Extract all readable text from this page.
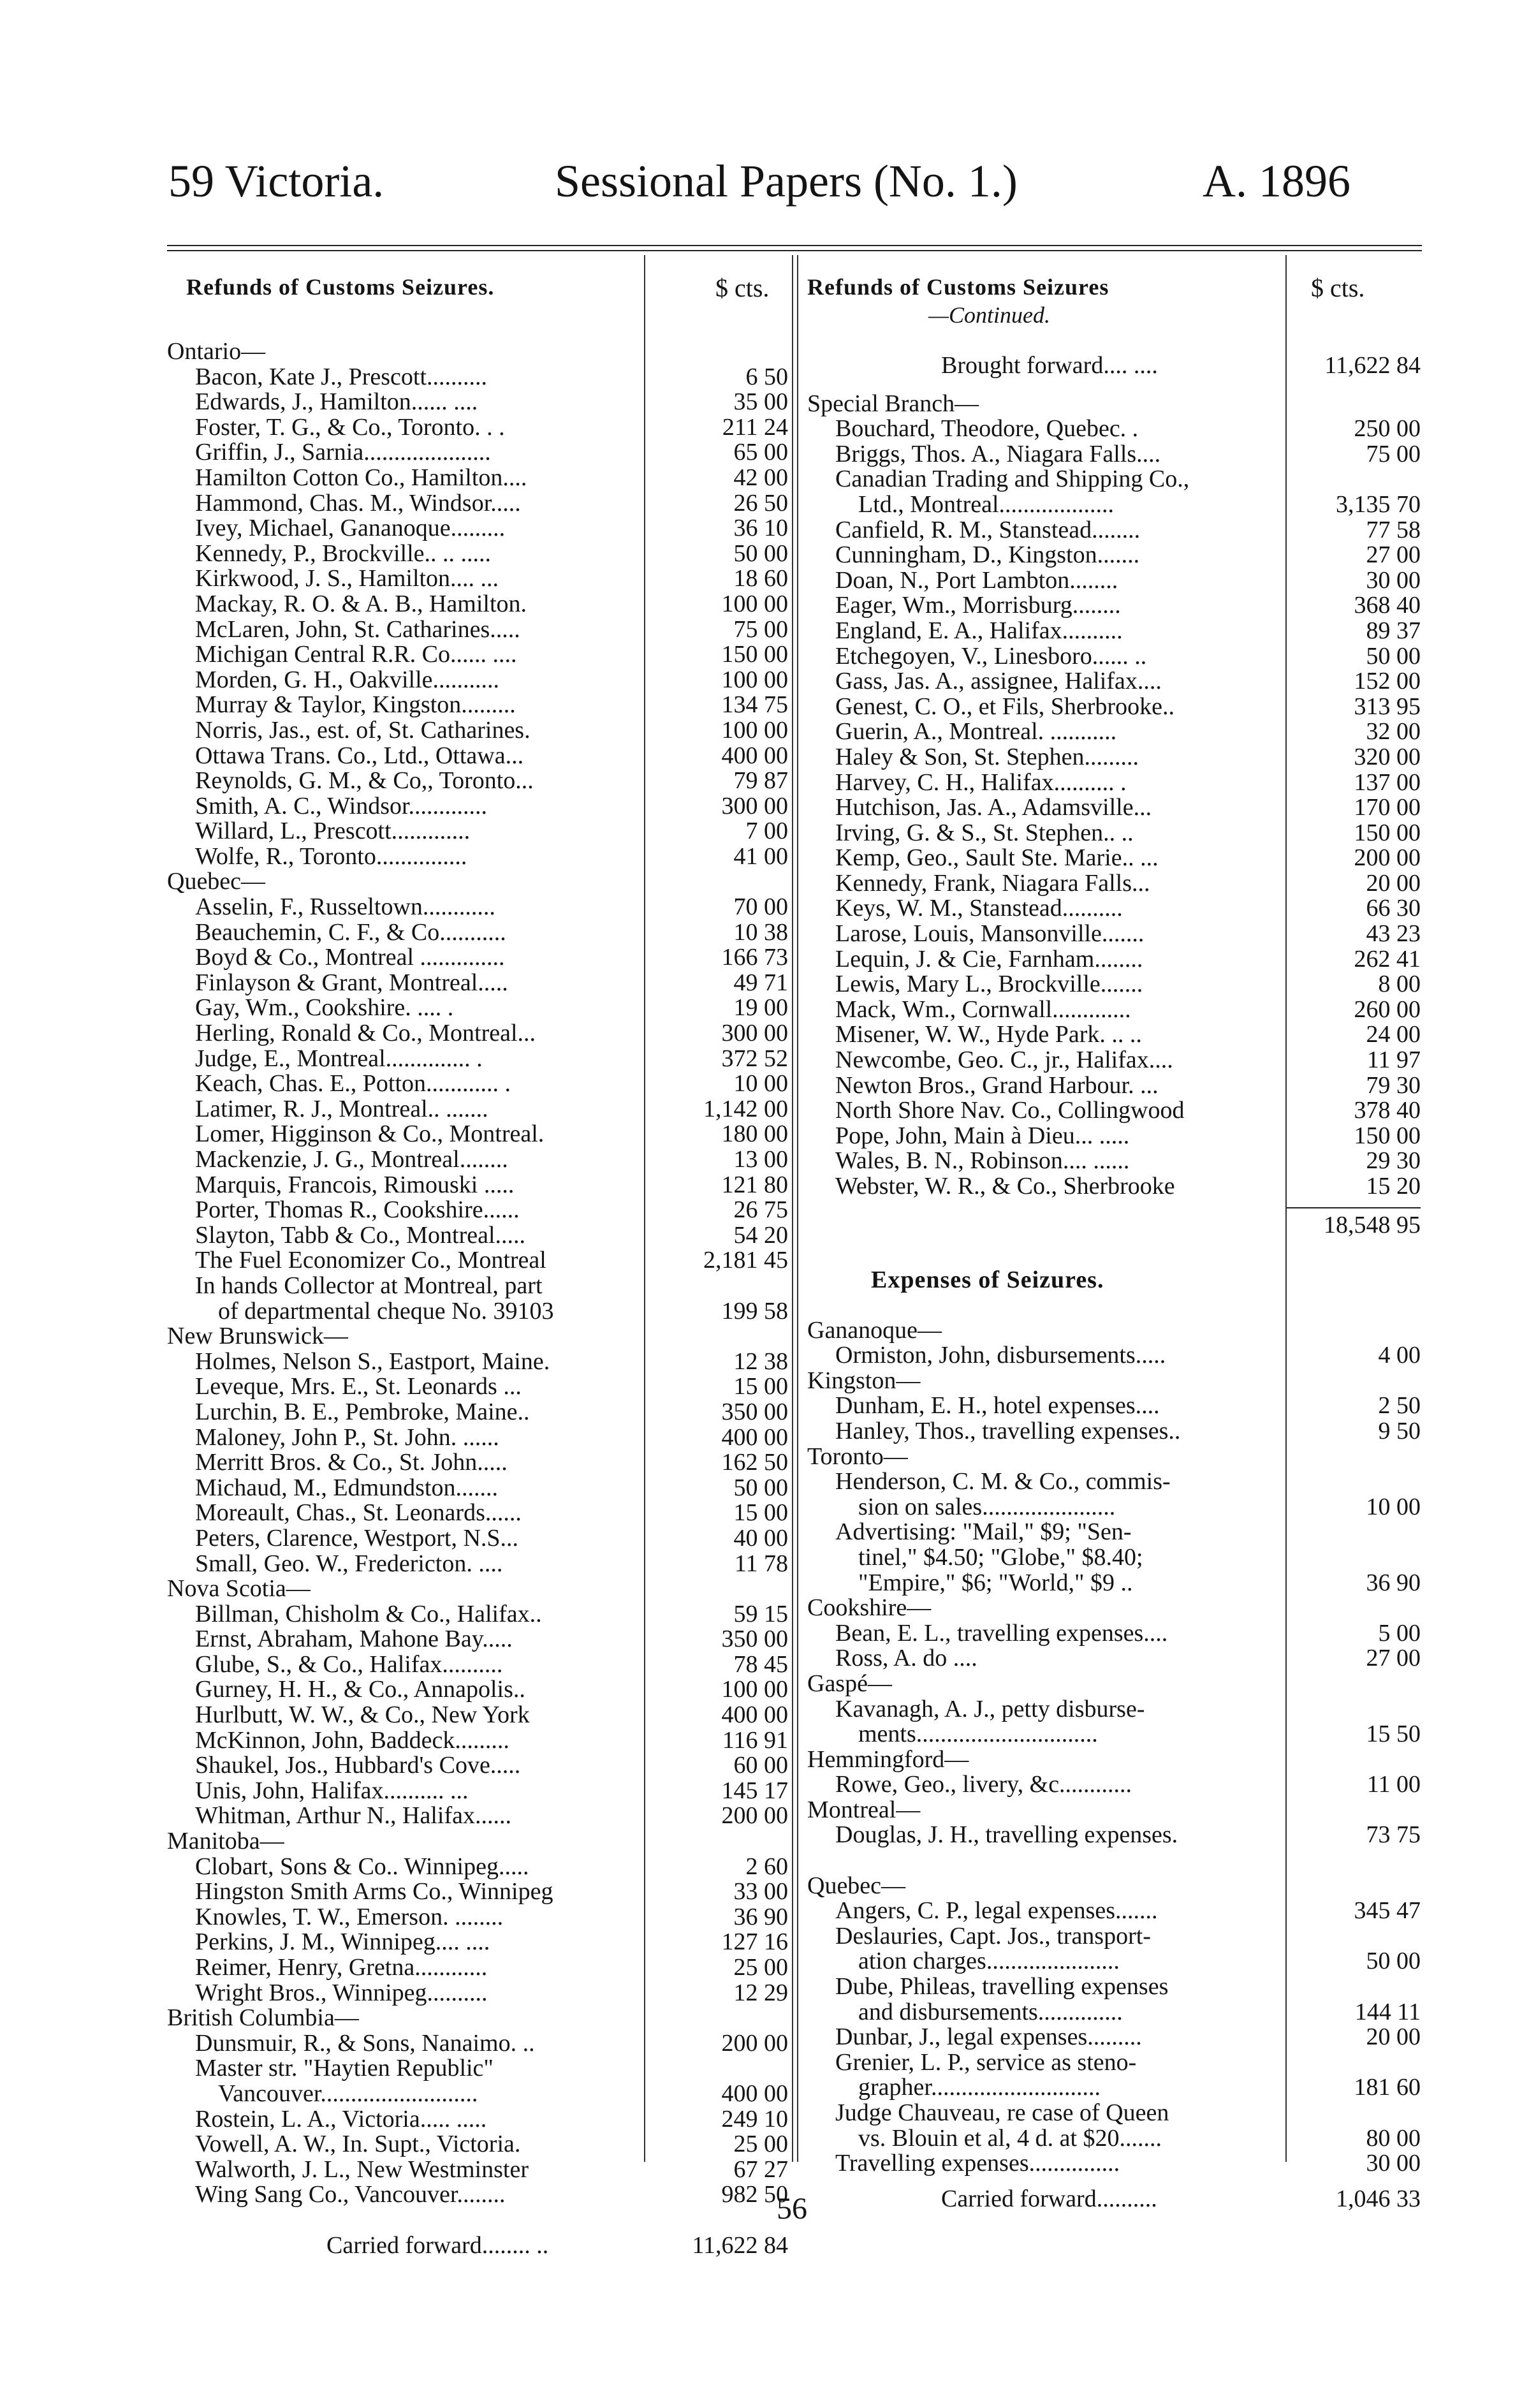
59 Victoria.	Sessional Papers (No. 1.)	A. 1896
Refunds of Customs Seizures.	$ cts.
Ontario—
Bacon, Kate J., Prescott..........	6 50
Edwards, J., Hamilton...... ....	35 00
Foster, T. G., & Co., Toronto. . .	211 24
Griffin, J., Sarnia.....................	65 00
Hamilton Cotton Co., Hamilton....	42 00
Hammond, Chas. M., Windsor.....	26 50
Ivey, Michael, Gananoque.........	36 10
Kennedy, P., Brockville.. .. .....	50 00
Kirkwood, J. S., Hamilton.... ...	18 60
Mackay, R. O. & A. B., Hamilton.	100 00
McLaren, John, St. Catharines.....	75 00
Michigan Central R.R. Co...... ....	150 00
Morden, G. H., Oakville...........	100 00
Murray & Taylor, Kingston.........	134 75
Norris, Jas., est. of, St. Catharines.	100 00
Ottawa Trans. Co., Ltd., Ottawa...	400 00
Reynolds, G. M., & Co,, Toronto...	79 87
Smith, A. C., Windsor.............	300 00
Willard, L., Prescott.............	7 00
Wolfe, R., Toronto...............	41 00
Quebec—
Asselin, F., Russeltown............	70 00
Beauchemin, C. F., & Co...........	10 38
Boyd & Co., Montreal ..............	166 73
Finlayson & Grant, Montreal.....	49 71
Gay, Wm., Cookshire. .... .	19 00
Herling, Ronald & Co., Montreal...	300 00
Judge, E., Montreal.............. .	372 52
Keach, Chas. E., Potton............ .	10 00
Latimer, R. J., Montreal.. .......	1,142 00
Lomer, Higginson & Co., Montreal.	180 00
Mackenzie, J. G., Montreal........	13 00
Marquis, Francois, Rimouski .....	121 80
Porter, Thomas R., Cookshire......	26 75
Slayton, Tabb & Co., Montreal.....	54 20
The Fuel Economizer Co., Montreal	2,181 45
In hands Collector at Montreal, part
of departmental cheque No. 39103	199 58
New Brunswick—
Holmes, Nelson S., Eastport, Maine.	12 38
Leveque, Mrs. E., St. Leonards ...	15 00
Lurchin, B. E., Pembroke, Maine..	350 00
Maloney, John P., St. John. ......	400 00
Merritt Bros. & Co., St. John.....	162 50
Michaud, M., Edmundston.......	50 00
Moreault, Chas., St. Leonards......	15 00
Peters, Clarence, Westport, N.S...	40 00
Small, Geo. W., Fredericton. ....	11 78
Nova Scotia—
Billman, Chisholm & Co., Halifax..	59 15
Ernst, Abraham, Mahone Bay.....	350 00
Glube, S., & Co., Halifax..........	78 45
Gurney, H. H., & Co., Annapolis..	100 00
Hurlbutt, W. W., & Co., New York	400 00
McKinnon, John, Baddeck.........	116 91
Shaukel, Jos., Hubbard's Cove.....	60 00
Unis, John, Halifax.......... ...	145 17
Whitman, Arthur N., Halifax......	200 00
Manitoba—
Clobart, Sons & Co.. Winnipeg.....	2 60
Hingston Smith Arms Co., Winnipeg	33 00
Knowles, T. W., Emerson. ........	36 90
Perkins, J. M., Winnipeg.... ....	127 16
Reimer, Henry, Gretna............	25 00
Wright Bros., Winnipeg..........	12 29
British Columbia—
Dunsmuir, R., & Sons, Nanaimo. ..	200 00
Master str. "Haytien Republic"
Vancouver..........................	400 00
Rostein, L. A., Victoria..... .....	249 10
Vowell, A. W., In. Supt., Victoria.	25 00
Walworth, J. L., New Westminster	67 27
Wing Sang Co., Vancouver........	982 50
Carried forward........ ..	11,622 84
Refunds of Customs Seizures
—Continued.
$ cts.
Brought forward.... ....	11,622 84
Special Branch—
Bouchard, Theodore, Quebec. .	250 00
Briggs, Thos. A., Niagara Falls....	75 00
Canadian Trading and Shipping Co.,
Ltd., Montreal...................	3,135 70
Canfield, R. M., Stanstead........	77 58
Cunningham, D., Kingston.......	27 00
Doan, N., Port Lambton........	30 00
Eager, Wm., Morrisburg........	368 40
England, E. A., Halifax..........	89 37
Etchegoyen, V., Linesboro...... ..	50 00
Gass, Jas. A., assignee, Halifax....	152 00
Genest, C. O., et Fils, Sherbrooke..	313 95
Guerin, A., Montreal. ...........	32 00
Haley & Son, St. Stephen.........	320 00
Harvey, C. H., Halifax.......... .	137 00
Hutchison, Jas. A., Adamsville...	170 00
Irving, G. & S., St. Stephen.. ..	150 00
Kemp, Geo., Sault Ste. Marie.. ...	200 00
Kennedy, Frank, Niagara Falls...	20 00
Keys, W. M., Stanstead..........	66 30
Larose, Louis, Mansonville.......	43 23
Lequin, J. & Cie, Farnham........	262 41
Lewis, Mary L., Brockville.......	8 00
Mack, Wm., Cornwall.............	260 00
Misener, W. W., Hyde Park. .. ..	24 00
Newcombe, Geo. C., jr., Halifax....	11 97
Newton Bros., Grand Harbour. ...	79 30
North Shore Nav. Co., Collingwood	378 40
Pope, John, Main à Dieu... .....	150 00
Wales, B. N., Robinson.... ......	29 30
Webster, W. R., & Co., Sherbrooke	15 20
18,548 95
Expenses of Seizures.
Gananoque—
Ormiston, John, disbursements.....	4 00
Kingston—
Dunham, E. H., hotel expenses....	2 50
Hanley, Thos., travelling expenses..	9 50
Toronto—
Henderson, C. M. & Co., commis-
sion on sales......................	10 00
Advertising: "Mail," $9; "Sen-
tinel," $4.50; "Globe," $8.40;
"Empire," $6; "World," $9 ..	36 90
Cookshire—
Bean, E. L., travelling expenses....	5 00
Ross, A. do ....	27 00
Gaspé—
Kavanagh, A. J., petty disburse-
ments..............................	15 50
Hemmingford—
Rowe, Geo., livery, &c............	11 00
Montreal—
Douglas, J. H., travelling expenses.	73 75
Quebec—
Angers, C. P., legal expenses.......	345 47
Deslauries, Capt. Jos., transport-
ation charges......................	50 00
Dube, Phileas, travelling expenses
and disbursements..............	144 11
Dunbar, J., legal expenses.........	20 00
Grenier, L. P., service as steno-
grapher............................	181 60
Judge Chauveau, re case of Queen
vs. Blouin et al, 4 d. at $20.......	80 00
Travelling expenses...............	30 00
Carried forward..........	1,046 33
56
